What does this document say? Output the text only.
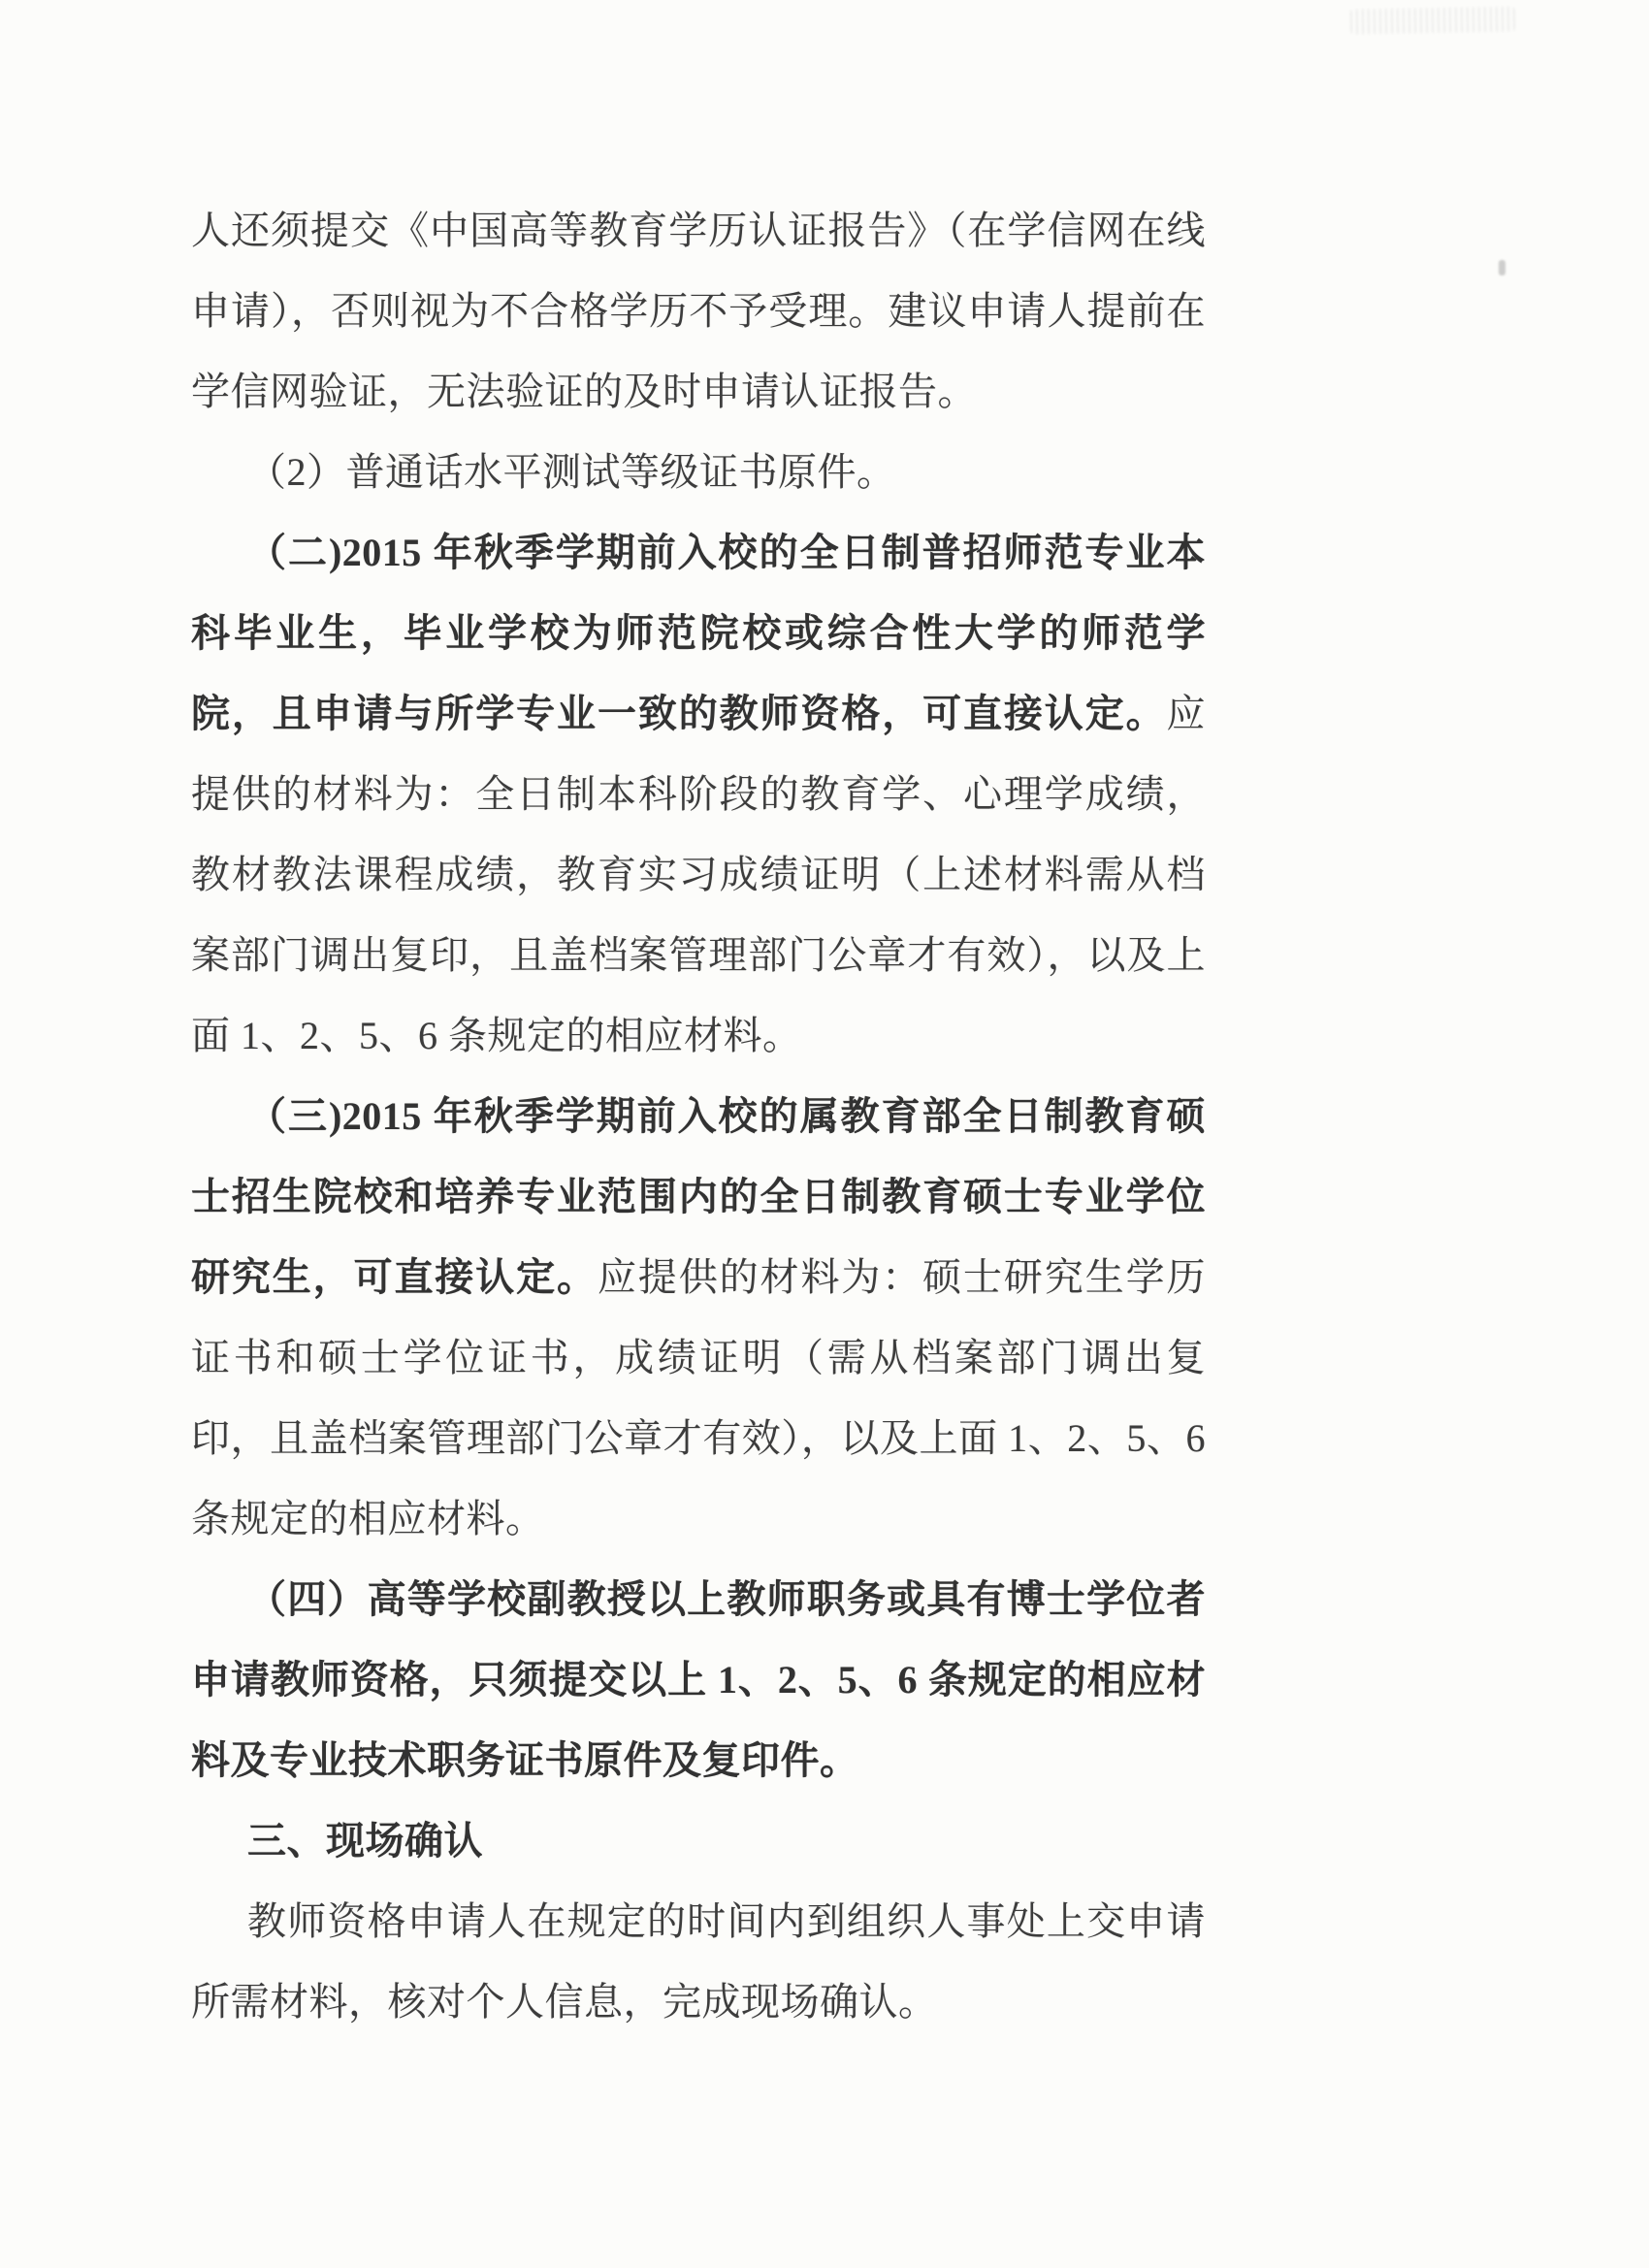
人还须提交《中国高等教育学历认证报告》（在学信网在线申请），否则视为不合格学历不予受理。建议申请人提前在学信网验证，无法验证的及时申请认证报告。

（2）普通话水平测试等级证书原件。

（二)2015 年秋季学期前入校的全日制普招师范专业本科毕业生，毕业学校为师范院校或综合性大学的师范学院，且申请与所学专业一致的教师资格，可直接认定。应提供的材料为：全日制本科阶段的教育学、心理学成绩，教材教法课程成绩，教育实习成绩证明（上述材料需从档案部门调出复印，且盖档案管理部门公章才有效），以及上面 1、2、5、6 条规定的相应材料。

（三)2015 年秋季学期前入校的属教育部全日制教育硕士招生院校和培养专业范围内的全日制教育硕士专业学位研究生，可直接认定。应提供的材料为：硕士研究生学历证书和硕士学位证书，成绩证明（需从档案部门调出复印，且盖档案管理部门公章才有效），以及上面 1、2、5、6 条规定的相应材料。

（四）高等学校副教授以上教师职务或具有博士学位者申请教师资格，只须提交以上 1、2、5、6 条规定的相应材料及专业技术职务证书原件及复印件。

三、现场确认

教师资格申请人在规定的时间内到组织人事处上交申请所需材料，核对个人信息，完成现场确认。
